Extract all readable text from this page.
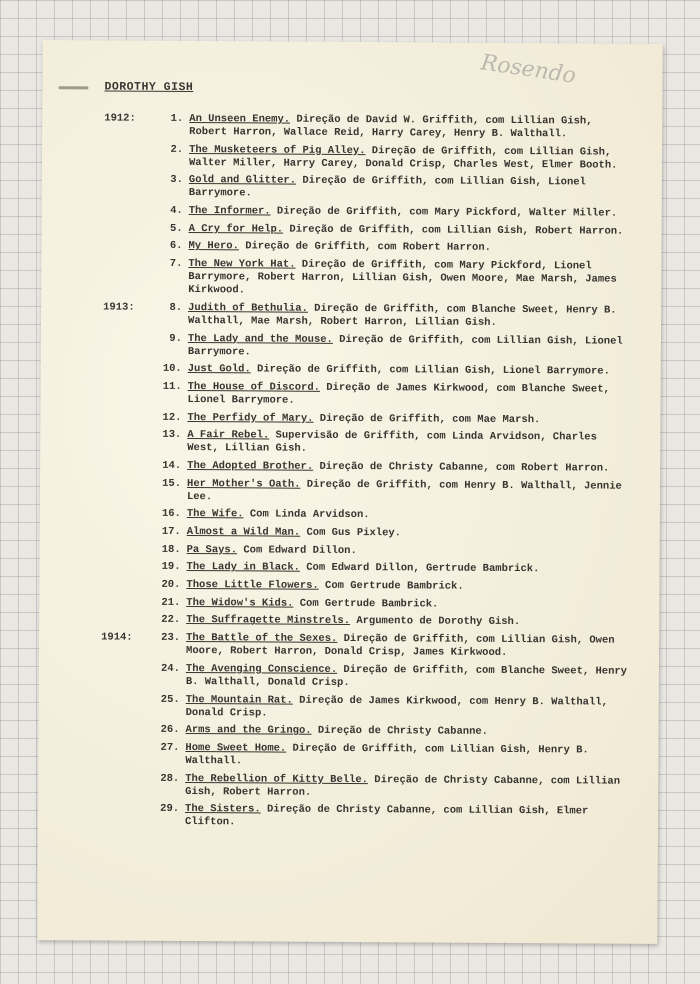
DOROTHY GISH	Rosendo
1912:	1. An Unseen Enemy. Direção de David W. Griffith, com Lillian Gish, Robert Harron, Wallace Reid, Harry Carey, Henry B. Walthall.
2. The Musketeers of Pig Alley. Direção de Griffith, com Lillian Gish, Walter Miller, Harry Carey, Donald Crisp, Charles West, Elmer Booth.
3. Gold and Glitter. Direção de Griffith, com Lillian Gish, Lionel Barrymore.
4. The Informer. Direção de Griffith, com Mary Pickford, Walter Miller.
5. A Cry for Help. Direção de Griffith, com Lillian Gish, Robert Harron.
6. My Hero. Direção de Griffith, com Robert Harron.
7. The New York Hat. Direção de Griffith, com Mary Pickford, Lionel Barrymore, Robert Harron, Lillian Gish, Owen Moore, Mae Marsh, James Kirkwood.
1913:	8. Judith of Bethulia. Direção de Griffith, com Blanche Sweet, Henry B. Walthall, Mae Marsh, Robert Harron, Lillian Gish.
9. The Lady and the Mouse. Direção de Griffith, com Lillian Gish, Lionel Barrymore.
10. Just Gold. Direção de Griffith, com Lillian Gish, Lionel Barrymore.
11. The House of Discord. Direção de James Kirkwood, com Blanche Sweet, Lionel Barrymore.
12. The Perfidy of Mary. Direção de Griffith, com Mae Marsh.
13. A Fair Rebel. Supervisão de Griffith, com Linda Arvidson, Charles West, Lillian Gish.
14. The Adopted Brother. Direção de Christy Cabanne, com Robert Harron.
15. Her Mother's Oath. Direção de Griffith, com Henry B. Walthall, Jennie Lee.
16. The Wife. Com Linda Arvidson.
17. Almost a Wild Man. Com Gus Pixley.
18. Pa Says. Com Edward Dillon.
19. The Lady in Black. Com Edward Dillon, Gertrude Bambrick.
20. Those Little Flowers. Com Gertrude Bambrick.
21. The Widow's Kids. Com Gertrude Bambrick.
22. The Suffragette Minstrels. Argumento de Dorothy Gish.
1914:	23. The Battle of the Sexes. Direção de Griffith, com Lillian Gish, Owen Moore, Robert Harron, Donald Crisp, James Kirkwood.
24. The Avenging Conscience. Direção de Griffith, com Blanche Sweet, Henry B. Walthall, Donald Crisp.
25. The Mountain Rat. Direção de James Kirkwood, com Henry B. Walthall, Donald Crisp.
26. Arms and the Gringo. Direção de Christy Cabanne.
27. Home Sweet Home. Direção de Griffith, com Lillian Gish, Henry B. Walthall.
28. The Rebellion of Kitty Belle. Direção de Christy Cabanne, com Lillian Gish, Robert Harron.
29. The Sisters. Direção de Christy Cabanne, com Lillian Gish, Elmer Clifton.
